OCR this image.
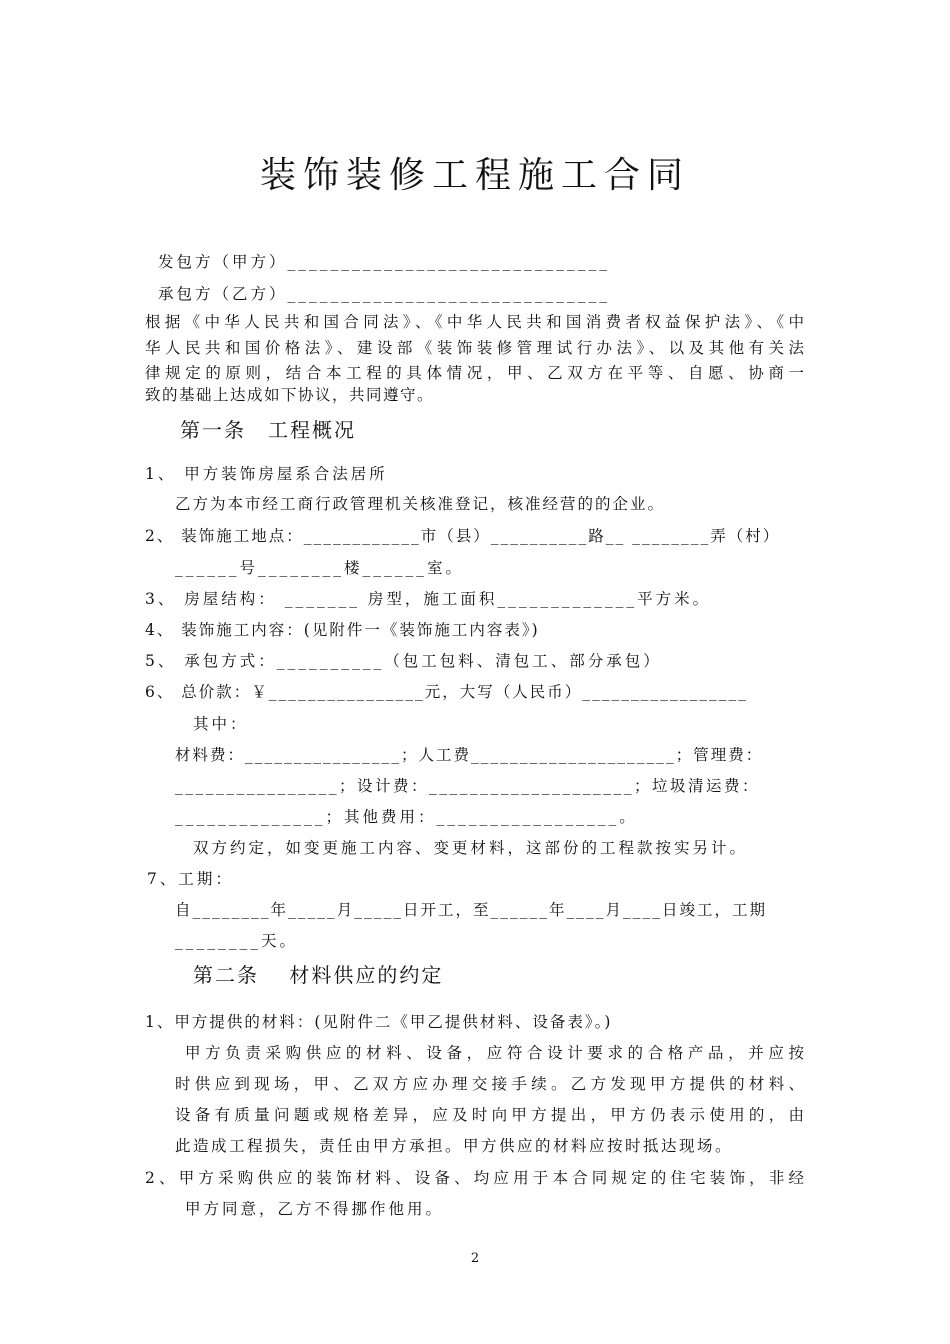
装饰装修工程施工合同
发包方（甲方）______________________________
承包方（乙方）______________________________
根据《中华人民共和国合同法》、《中华人民共和国消费者权益保护法》、《中
华人民共和国价格法》、建设部《装饰装修管理试行办法》、以及其他有关法
律规定的原则，结合本工程的具体情况，甲、乙双方在平等、自愿、协商一
致的基础上达成如下协议，共同遵守。
第一条　工程概况
1、 甲方装饰房屋系合法居所
乙方为本市经工商行政管理机关核准登记，核准经营的的企业。
2、 装饰施工地点：____________市（县）__________路__ ________弄（村）
______号________楼______室。
3、 房屋结构： _______ 房型，施工面积_____________平方米。
4、 装饰施工内容：(见附件一《装饰施工内容表》)
5、 承包方式：__________（包工包料、清包工、部分承包）
6、 总价款：￥________________元，大写（人民币）_________________
其中：
材料费：________________；人工费_____________________；管理费：
________________；设计费：____________________；垃圾清运费：
______________；其他费用：_________________。
双方约定，如变更施工内容、变更材料，这部份的工程款按实另计。
7、工期：
自________年_____月_____日开工，至______年____月____日竣工，工期
________天。
第二条　 材料供应的约定
1、甲方提供的材料：(见附件二《甲乙提供材料、设备表》。)
甲方负责采购供应的材料、设备，应符合设计要求的合格产品，并应按
时供应到现场，甲、乙双方应办理交接手续。乙方发现甲方提供的材料、
设备有质量问题或规格差异，应及时向甲方提出，甲方仍表示使用的，由
此造成工程损失，责任由甲方承担。甲方供应的材料应按时抵达现场。
2、甲方采购供应的装饰材料、设备、均应用于本合同规定的住宅装饰，非经
甲方同意，乙方不得挪作他用。
2
